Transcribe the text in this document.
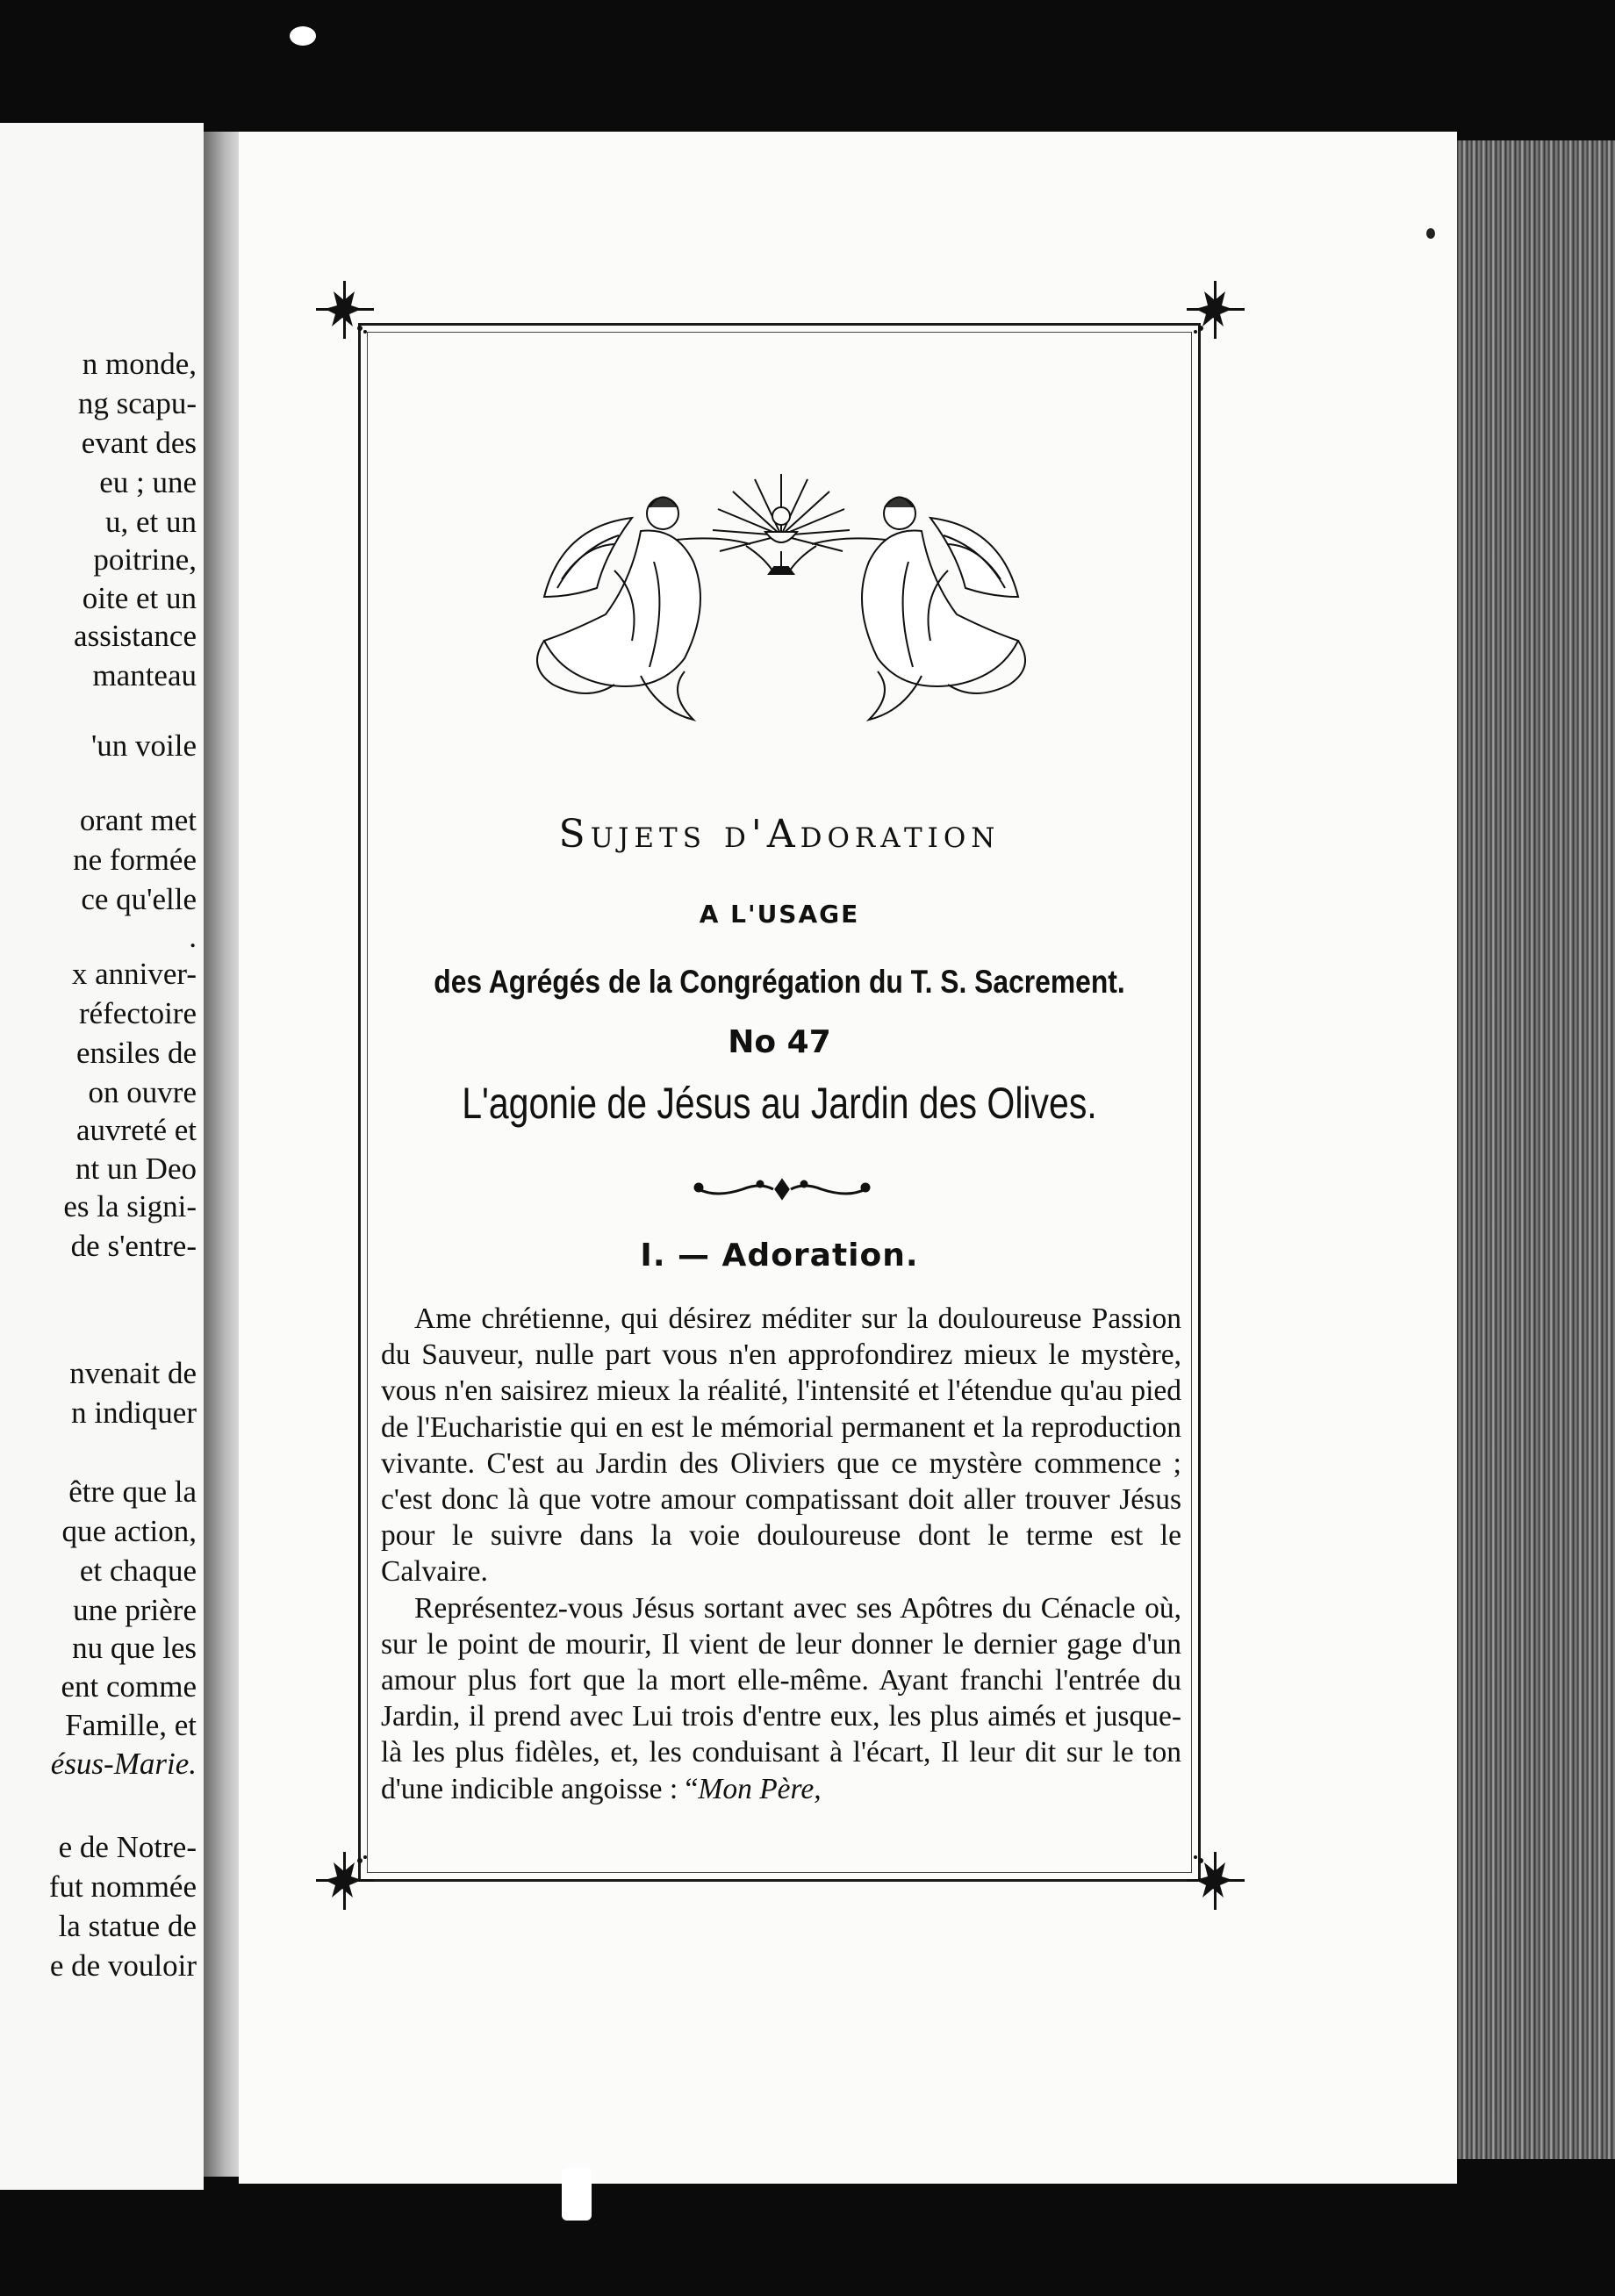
n monde,
ng scapu-
evant des
eu ; une
u, et un
poitrine,
oite et un
assistance
manteau
'un voile
orant met
ne formée
ce qu'elle
.
x anniver-
réfectoire
ensiles de
on ouvre
auvreté et
nt un Deo
es la signi-
de s'entre-
nvenait de
n indiquer
être que la
que action,
et chaque
une prière
nu que les
ent comme
Famille, et
ésus-Marie.
e de Notre-
fut nommée
la statue de
e de vouloir
Sujets d'Adoration
A L'USAGE
des Agrégés de la Congrégation du T. S. Sacrement.
No 47
L'agonie de Jésus au Jardin des Olives.
I. — Adoration.

Ame chrétienne, qui désirez méditer sur la douloureuse Passion du Sauveur, nulle part vous n'en approfondirez mieux le mystère, vous n'en saisirez mieux la réalité, l'intensité et l'étendue qu'au pied de l'Eucharistie qui en est le mémorial permanent et la reproduction vivante. C'est au Jardin des Oliviers que ce mystère commence ; c'est donc là que votre amour compatissant doit aller trouver Jésus pour le suivre dans la voie douloureuse dont le terme est le Calvaire.

Représentez-vous Jésus sortant avec ses Apôtres du Cénacle où, sur le point de mourir, Il vient de leur donner le dernier gage d'un amour plus fort que la mort elle-même. Ayant franchi l'entrée du Jardin, il prend avec Lui trois d'entre eux, les plus aimés et jusque-là les plus fidèles, et, les conduisant à l'écart, Il leur dit sur le ton d'une indicible angoisse : “Mon Père,
